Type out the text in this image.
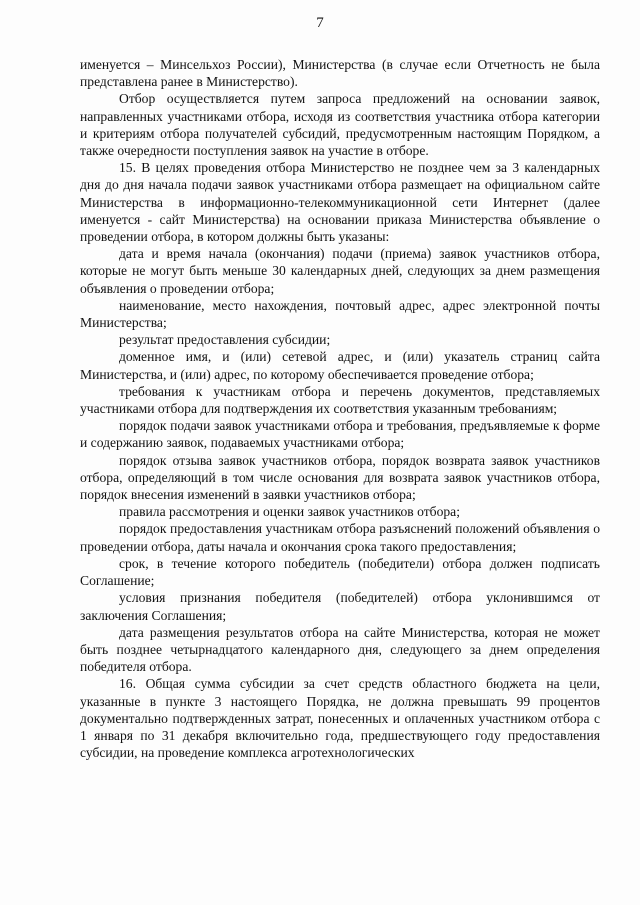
7

именуется – Минсельхоз России), Министерства (в случае если Отчетность не была представлена ранее в Министерство).

Отбор осуществляется путем запроса предложений на основании заявок, направленных участниками отбора, исходя из соответствия участника отбора категории и критериям отбора получателей субсидий, предусмотренным настоящим Порядком, а также очередности поступления заявок на участие в отборе.

15. В целях проведения отбора Министерство не позднее чем за 3 календарных дня до дня начала подачи заявок участниками отбора размещает на официальном сайте Министерства в информационно-телекоммуникационной сети Интернет (далее именуется - сайт Министерства) на основании приказа Министерства объявление о проведении отбора, в котором должны быть указаны:

дата и время начала (окончания) подачи (приема) заявок участников отбора, которые не могут быть меньше 30 календарных дней, следующих за днем размещения объявления о проведении отбора;

наименование, место нахождения, почтовый адрес, адрес электронной почты Министерства;

результат предоставления субсидии;

доменное имя, и (или) сетевой адрес, и (или) указатель страниц сайта Министерства, и (или) адрес, по которому обеспечивается проведение отбора;

требования к участникам отбора и перечень документов, представляемых участниками отбора для подтверждения их соответствия указанным требованиям;

порядок подачи заявок участниками отбора и требования, предъявляемые к форме и содержанию заявок, подаваемых участниками отбора;

порядок отзыва заявок участников отбора, порядок возврата заявок участников отбора, определяющий в том числе основания для возврата заявок участников отбора, порядок внесения изменений в заявки участников отбора;

правила рассмотрения и оценки заявок участников отбора;

порядок предоставления участникам отбора разъяснений положений объявления о проведении отбора, даты начала и окончания срока такого предоставления;

срок, в течение которого победитель (победители) отбора должен подписать Соглашение;

условия признания победителя (победителей) отбора уклонившимся от заключения Соглашения;

дата размещения результатов отбора на сайте Министерства, которая не может быть позднее четырнадцатого календарного дня, следующего за днем определения победителя отбора.

16. Общая сумма субсидии за счет средств областного бюджета на цели, указанные в пункте 3 настоящего Порядка, не должна превышать 99 процентов документально подтвержденных затрат, понесенных и оплаченных участником отбора с 1 января по 31 декабря включительно года, предшествующего году предоставления субсидии, на проведение комплекса агротехнологических
